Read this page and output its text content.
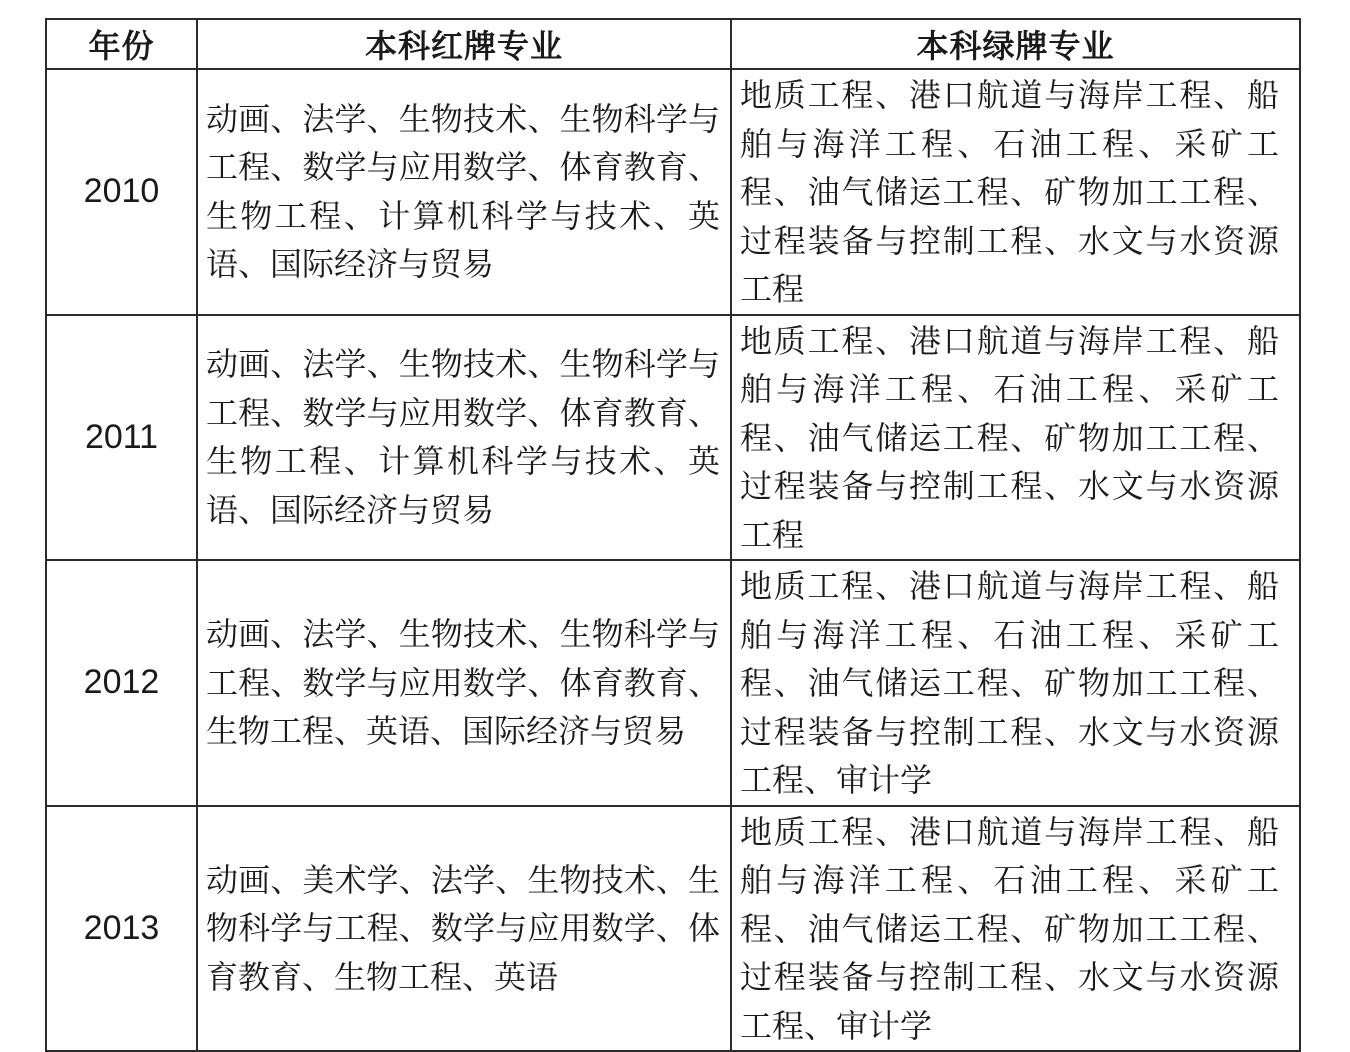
年份	本科红牌专业	本科绿牌专业
2010	动画、法学、生物技术、生物科学与工程、数学与应用数学、体育教育、生物工程、计算机科学与技术、英语、国际经济与贸易	地质工程、港口航道与海岸工程、船舶与海洋工程、石油工程、采矿工程、油气储运工程、矿物加工工程、过程装备与控制工程、水文与水资源工程

2011	动画、法学、生物技术、生物科学与工程、数学与应用数学、体育教育、生物工程、计算机科学与技术、英语、国际经济与贸易	地质工程、港口航道与海岸工程、船舶与海洋工程、石油工程、采矿工程、油气储运工程、矿物加工工程、过程装备与控制工程、水文与水资源工程

2012	动画、法学、生物技术、生物科学与工程、数学与应用数学、体育教育、生物工程、英语、国际经济与贸易	地质工程、港口航道与海岸工程、船舶与海洋工程、石油工程、采矿工程、油气储运工程、矿物加工工程、过程装备与控制工程、水文与水资源工程、审计学

2013	动画、美术学、法学、生物技术、生物科学与工程、数学与应用数学、体育教育、生物工程、英语	地质工程、港口航道与海岸工程、船舶与海洋工程、石油工程、采矿工程、油气储运工程、矿物加工工程、过程装备与控制工程、水文与水资源工程、审计学
